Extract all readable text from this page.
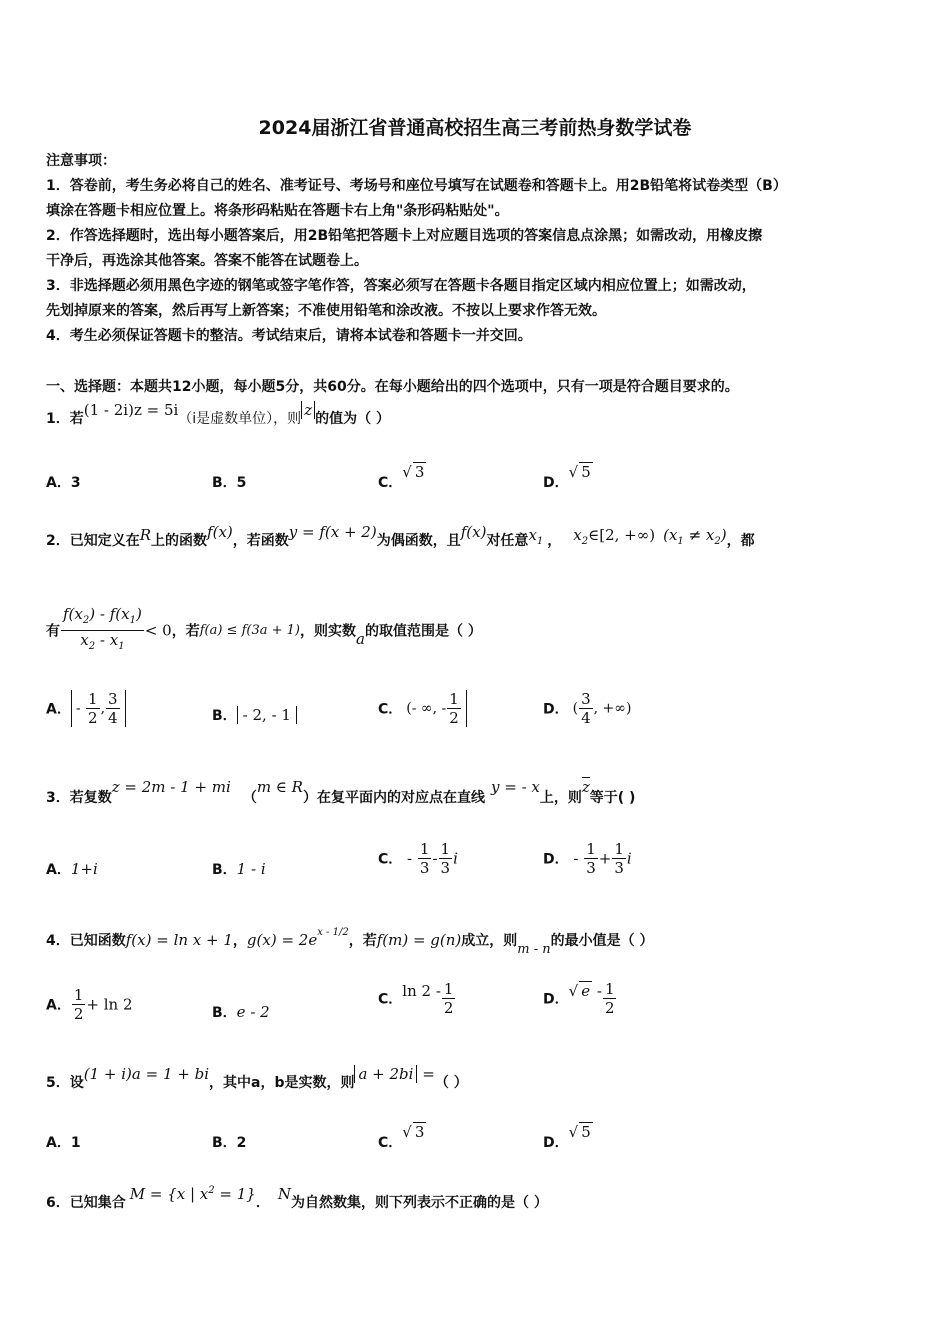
2024届浙江省普通高校招生高三考前热身数学试卷
注意事项：
1．答卷前，考生务必将自己的姓名、准考证号、考场号和座位号填写在试题卷和答题卡上。用2B铅笔将试卷类型（B）
填涂在答题卡相应位置上。将条形码粘贴在答题卡右上角"条形码粘贴处"。
2．作答选择题时，选出每小题答案后，用2B铅笔把答题卡上对应题目选项的答案信息点涂黑；如需改动，用橡皮擦
干净后，再选涂其他答案。答案不能答在试题卷上。
3．非选择题必须用黑色字迹的钢笔或签字笔作答，答案必须写在答题卡各题目指定区域内相应位置上；如需改动，
先划掉原来的答案，然后再写上新答案；不准使用铅笔和涂改液。不按以上要求作答无效。
4．考生必须保证答题卡的整洁。考试结束后，请将本试卷和答题卡一并交回。
一、选择题：本题共12小题，每小题5分，共60分。在每小题给出的四个选项中，只有一项是符合题目要求的。
1．若(1 - 2i)z = 5i（i是虚数单位），则 z 的值为（ ）
A．3	B．5	C．√ 3
D．√ 5
2．已知定义在R上的函数f(x)，若函数y = f(x + 2)为偶函数，且f(x)对任意$x_1$ ， $x_2\in[2$, +∞) $(x_1 \ne x_2)$，都
有 $\frac{f(x_2) - f(x_1)}{x_2 - x_1} < 0$，若f(a) ≤ f(3a + 1)，则实数a的取值范围是（ ）
A． - $\frac{1}{2}$ , $\frac{3}{4}$	B． - 2, - 1	C． (- ∞, - $\frac{1}{2}$	D． ( $\frac{3}{4}$ , +∞)
3．若复数z = 2m - 1 + mi（m ∈ R）在复平面内的对应点在直线y = - x上，则z等于( )
A．1+i	B．1 - i
C． - $\frac{1}{3} - \frac{1}{3}$ i	D． - $\frac{1}{3} + \frac{1}{3}$ i
4．已知函数f(x) = ln x + 1，$g(x) = 2e^{x - 1/2}$，若f(m) = g(n)成立，则m - n的最小值是（ ）
A． $\frac{1}{2} + \ln 2$	B．e - 2
C．$\ln 2 - \frac{1}{2}$	D．√ e - $\frac{1}{2}$
5．设(1 + i)a = 1 + bi，其中a，b是实数，则 a + 2bi =（ ）
A．1	B．2	C．√ 3
D．√ 5
6．已知集合 M = {x | $x^2 = 1$}． N为自然数集，则下列表示不正确的是（ ）
